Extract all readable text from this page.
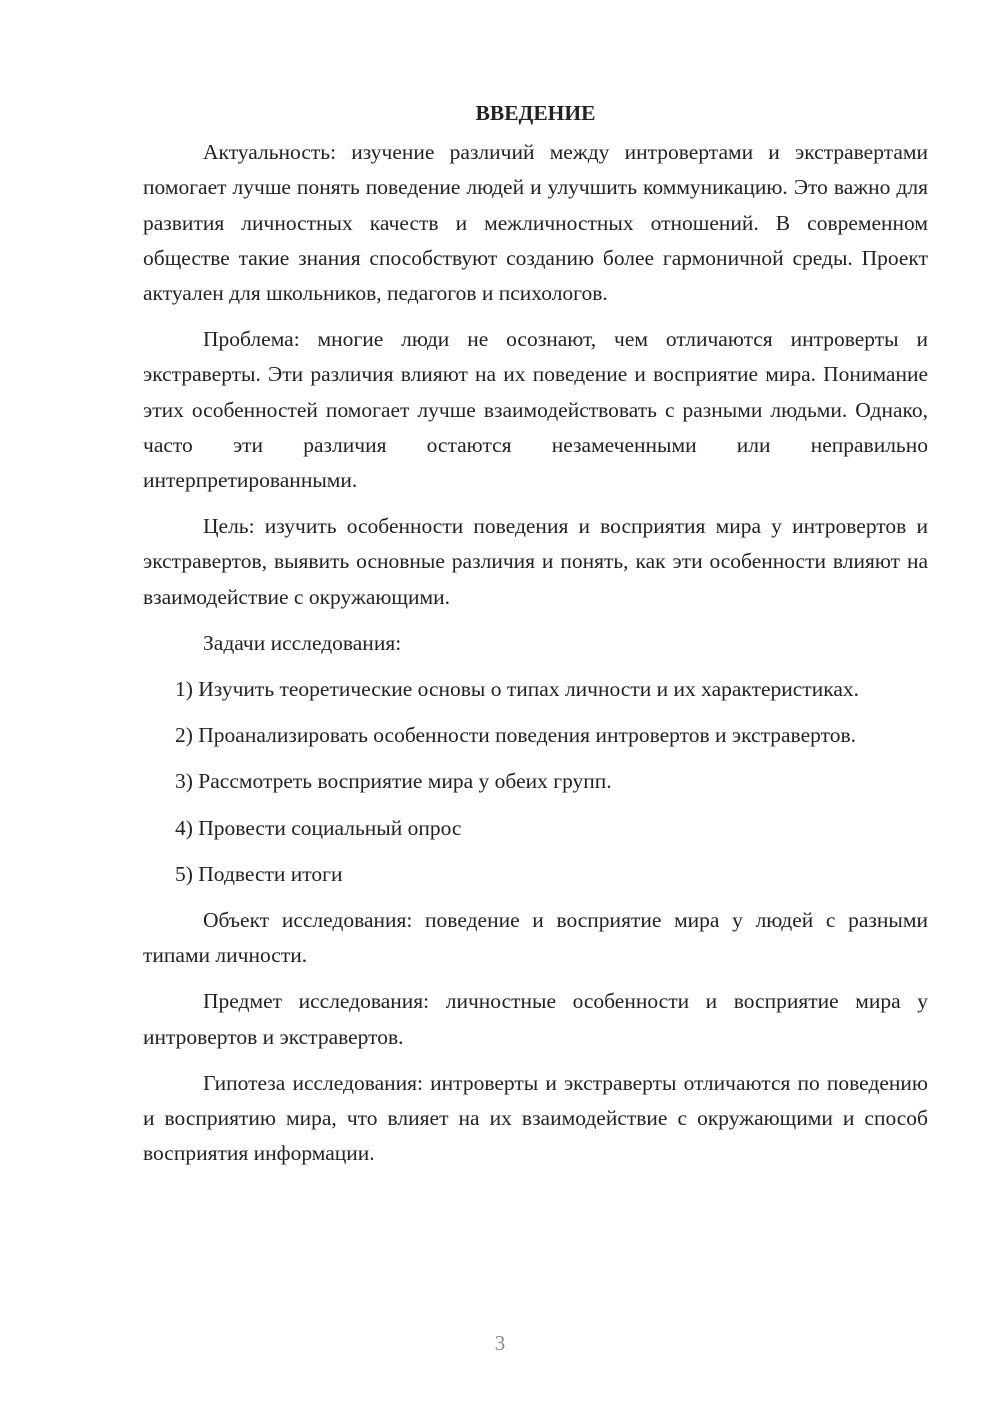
ВВЕДЕНИЕ

Актуальность: изучение различий между интровертами и экстравертами помогает лучше понять поведение людей и улучшить коммуникацию. Это важно для развития личностных качеств и межличностных отношений. В современном обществе такие знания способствуют созданию более гармоничной среды. Проект актуален для школьников, педагогов и психологов.

Проблема: многие люди не осознают, чем отличаются интроверты и экстраверты. Эти различия влияют на их поведение и восприятие мира. Понимание этих особенностей помогает лучше взаимодействовать с разными людьми. Однако, часто эти различия остаются незамеченными или неправильно интерпретированными.

Цель: изучить особенности поведения и восприятия мира у интровертов и экстравертов, выявить основные различия и понять, как эти особенности влияют на взаимодействие с окружающими.

Задачи исследования:

1) Изучить теоретические основы о типах личности и их характеристиках.

2) Проанализировать особенности поведения интровертов и экстравертов.

3) Рассмотреть восприятие мира у обеих групп.

4) Провести социальный опрос

5) Подвести итоги

Объект исследования: поведение и восприятие мира у людей с разными типами личности.

Предмет исследования: личностные особенности и восприятие мира у интровертов и экстравертов.

Гипотеза исследования: интроверты и экстраверты отличаются по поведению и восприятию мира, что влияет на их взаимодействие с окружающими и способ восприятия информации.

3
